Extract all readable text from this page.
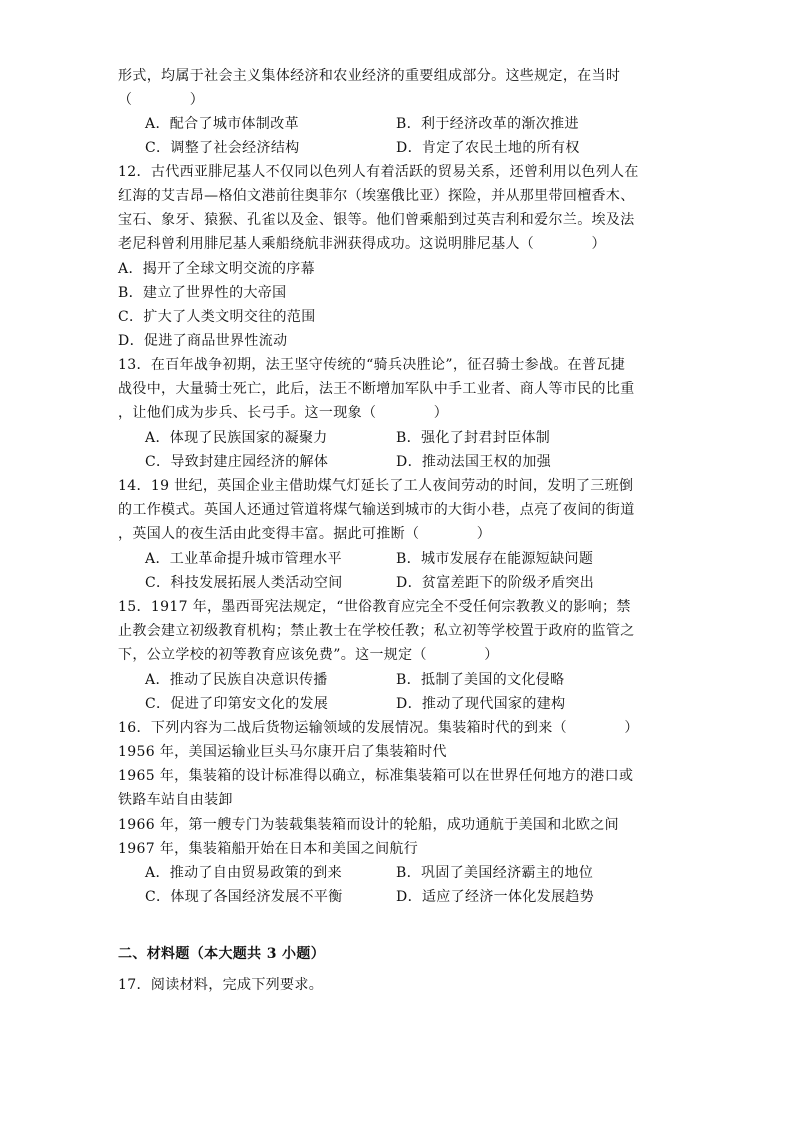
形式，均属于社会主义集体经济和农业经济的重要组成部分。这些规定，在当时
（　　　　）
A．配合了城市体制改革	B．利于经济改革的渐次推进
C．调整了社会经济结构	D．肯定了农民土地的所有权
12．古代西亚腓尼基人不仅同以色列人有着活跃的贸易关系，还曾利用以色列人在
红海的艾吉昂—格伯文港前往奥菲尔（埃塞俄比亚）探险，并从那里带回檀香木、
宝石、象牙、猿猴、孔雀以及金、银等。他们曾乘船到过英吉利和爱尔兰。埃及法
老尼科曾利用腓尼基人乘船绕航非洲获得成功。这说明腓尼基人（　　　　）
A．揭开了全球文明交流的序幕
B．建立了世界性的大帝国
C．扩大了人类文明交往的范围
D．促进了商品世界性流动
13．在百年战争初期，法王坚守传统的“骑兵决胜论”，征召骑士参战。在普瓦捷
战役中，大量骑士死亡，此后，法王不断增加军队中手工业者、商人等市民的比重
，让他们成为步兵、长弓手。这一现象（　　　　）
A．体现了民族国家的凝聚力	B．强化了封君封臣体制
C．导致封建庄园经济的解体	D．推动法国王权的加强
14．19 世纪，英国企业主借助煤气灯延长了工人夜间劳动的时间，发明了三班倒
的工作模式。英国人还通过管道将煤气输送到城市的大街小巷，点亮了夜间的街道
，英国人的夜生活由此变得丰富。据此可推断（　　　　）
A．工业革命提升城市管理水平	B．城市发展存在能源短缺问题
C．科技发展拓展人类活动空间	D．贫富差距下的阶级矛盾突出
15．1917 年，墨西哥宪法规定，“世俗教育应完全不受任何宗教教义的影响；禁
止教会建立初级教育机构；禁止教士在学校任教；私立初等学校置于政府的监管之
下，公立学校的初等教育应该免费”。这一规定（　　　　）
A．推动了民族自决意识传播	B．抵制了美国的文化侵略
C．促进了印第安文化的发展	D．推动了现代国家的建构
16．下列内容为二战后货物运输领域的发展情况。集装箱时代的到来（　　　　）
1956 年，美国运输业巨头马尔康开启了集装箱时代
1965 年，集装箱的设计标准得以确立，标准集装箱可以在世界任何地方的港口或
铁路车站自由装卸
1966 年，第一艘专门为装载集装箱而设计的轮船，成功通航于美国和北欧之间
1967 年，集装箱船开始在日本和美国之间航行
A．推动了自由贸易政策的到来	B．巩固了美国经济霸主的地位
C．体现了各国经济发展不平衡	D．适应了经济一体化发展趋势
二、材料题（本大题共 3 小题）
17．阅读材料，完成下列要求。
